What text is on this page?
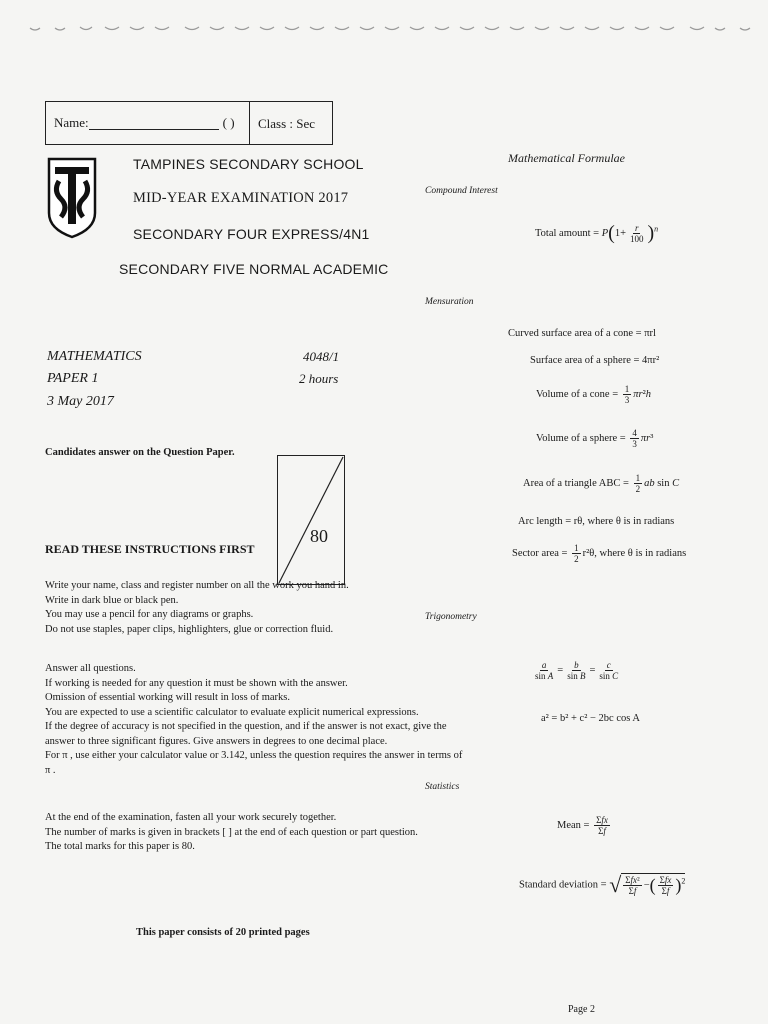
Name:	( ) Class : Sec
TAMPINES SECONDARY SCHOOL
MID-YEAR EXAMINATION 2017
SECONDARY FOUR EXPRESS/4N1
SECONDARY FIVE NORMAL ACADEMIC
MATHEMATICS
PAPER 1
3 May 2017
4048/1
2 hours
Candidates answer on the Question Paper.
80
READ THESE INSTRUCTIONS FIRST

Write your name, class and register number on all the work you hand in.

Write in dark blue or black pen.

You may use a pencil for any diagrams or graphs.

Do not use staples, paper clips, highlighters, glue or correction fluid.

Answer all questions.

If working is needed for any question it must be shown with the answer.

Omission of essential working will result in loss of marks.

You are expected to use a scientific calculator to evaluate explicit numerical expressions.

If the degree of accuracy is not specified in the question, and if the answer is not exact, give the

answer to three significant figures. Give answers in degrees to one decimal place.

For π , use either your calculator value or 3.142, unless the question requires the answer in terms of

π .

At the end of the examination, fasten all your work securely together.

The number of marks is given in brackets [ ] at the end of each question or part question.

The total marks for this paper is 80.

This paper consists of 20 printed pages
Mathematical Formulae
Compound Interest
Total amount = $P(1+ \frac{r}{100} )^n$
Mensuration
Curved surface area of a cone = πrl
Surface area of a sphere = 4πr²
Volume of a cone = $\frac{1}{3} \pi r^2h$
Volume of a sphere = $\frac{4}{3} \pi r^3$
Area of a triangle ABC = $\frac{1}{2}$ ab sin C
Arc length = rθ, where θ is in radians
Sector area = $\frac{1}{2} r^2\theta$, where θ is in radians
Trigonometry
$\frac{a}{\text{sin A}} = \frac{b}{\text{sin B}} = \frac{c}{\text{sin C}}$
a² = b² + c² − 2bc cos A
Statistics
Mean = $\frac{\text{Σfx}}{\Sigma f}$
Standard deviation = √ $\frac{\text{Σfx²}}{\Sigma f}$ −( $\frac{\text{Σfx}}{\Sigma f} )^2$
Page 2
